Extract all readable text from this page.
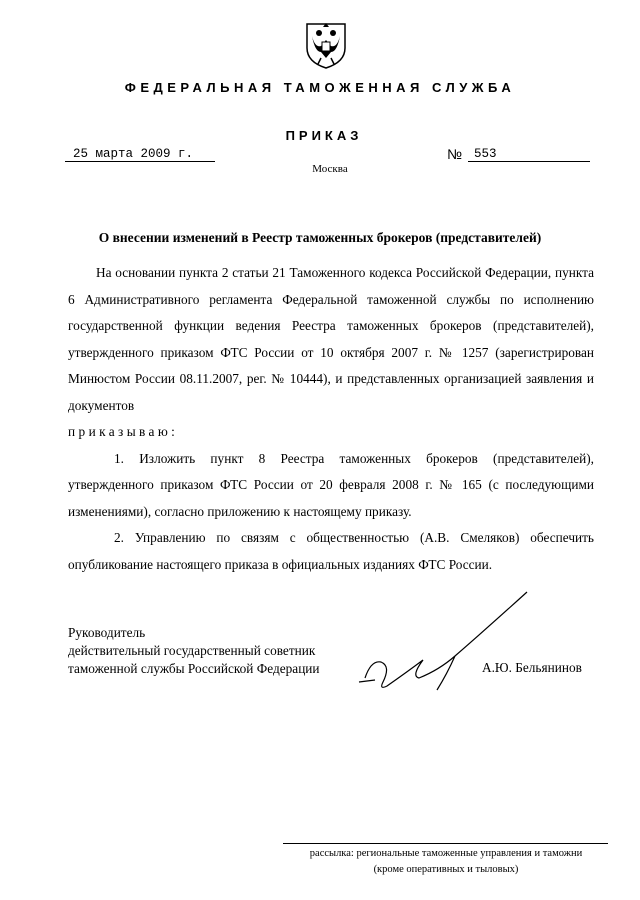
ФЕДЕРАЛЬНАЯ ТАМОЖЕННАЯ СЛУЖБА
ПРИКАЗ
25 марта 2009 г.	№ 553
Москва
О внесении изменений в Реестр таможенных брокеров (представителей)

На основании пункта 2 статьи 21 Таможенного кодекса Российской Федерации, пункта 6 Административного регламента Федеральной таможенной службы по исполнению государственной функции ведения Реестра таможенных брокеров (представителей), утвержденного приказом ФТС России от 10 октября 2007 г. № 1257 (зарегистрирован Минюстом России 08.11.2007, рег. № 10444), и представленных организацией заявления и документов

приказываю:

1. Изложить пункт 8 Реестра таможенных брокеров (представителей), утвержденного приказом ФТС России от 20 февраля 2008 г. № 165 (с последующими изменениями), согласно приложению к настоящему приказу.

2. Управлению по связям с общественностью (А.В. Смеляков) обеспечить опубликование настоящего приказа в официальных изданиях ФТС России.

Руководитель
действительный государственный советник
таможенной службы Российской Федерации	А.Ю. Бельянинов
рассылка: региональные таможенные управления и таможни
(кроме оперативных и тыловых)
